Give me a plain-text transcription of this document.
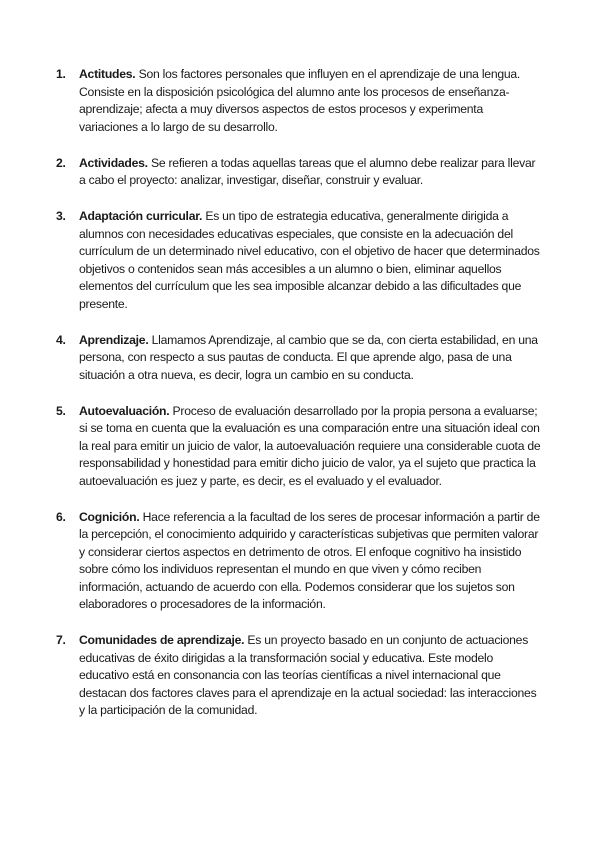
1. Actitudes. Son los factores personales que influyen en el aprendizaje de una lengua. Consiste en la disposición psicológica del alumno ante los procesos de enseñanza-aprendizaje; afecta a muy diversos aspectos de estos procesos y experimenta variaciones a lo largo de su desarrollo.
2. Actividades. Se refieren a todas aquellas tareas que el alumno debe realizar para llevar a cabo el proyecto: analizar, investigar, diseñar, construir y evaluar.
3. Adaptación curricular. Es un tipo de estrategia educativa, generalmente dirigida a alumnos con necesidades educativas especiales, que consiste en la adecuación del currículum de un determinado nivel educativo, con el objetivo de hacer que determinados objetivos o contenidos sean más accesibles a un alumno o bien, eliminar aquellos elementos del currículum que les sea imposible alcanzar debido a las dificultades que presente.
4. Aprendizaje. Llamamos Aprendizaje, al cambio que se da, con cierta estabilidad, en una persona, con respecto a sus pautas de conducta. El que aprende algo, pasa de una situación a otra nueva, es decir, logra un cambio en su conducta.
5. Autoevaluación. Proceso de evaluación desarrollado por la propia persona a evaluarse; si se toma en cuenta que la evaluación es una comparación entre una situación ideal con la real para emitir un juicio de valor, la autoevaluación requiere una considerable cuota de responsabilidad y honestidad para emitir dicho juicio de valor, ya el sujeto que practica la autoevaluación es juez y parte, es decir, es el evaluado y el evaluador.
6. Cognición. Hace referencia a la facultad de los seres de procesar información a partir de la percepción, el conocimiento adquirido y características subjetivas que permiten valorar y considerar ciertos aspectos en detrimento de otros. El enfoque cognitivo ha insistido sobre cómo los individuos representan el mundo en que viven y cómo reciben información, actuando de acuerdo con ella. Podemos considerar que los sujetos son elaboradores o procesadores de la información.
7. Comunidades de aprendizaje. Es un proyecto basado en un conjunto de actuaciones educativas de éxito dirigidas a la transformación social y educativa. Este modelo educativo está en consonancia con las teorías científicas a nivel internacional que destacan dos factores claves para el aprendizaje en la actual sociedad: las interacciones y la participación de la comunidad.
